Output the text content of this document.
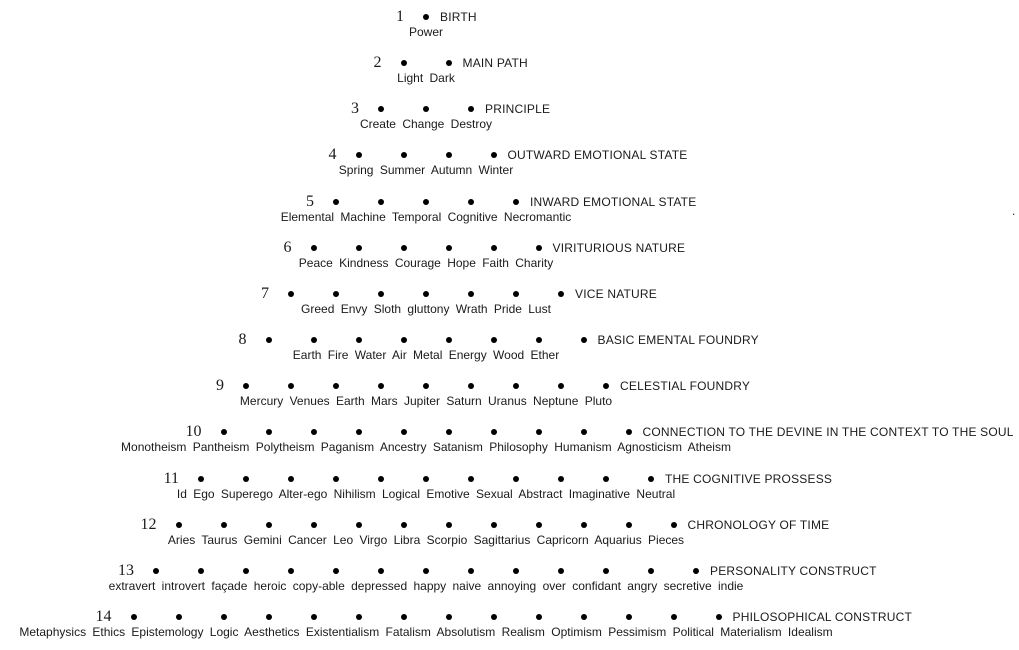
.
1	BIRTH
Power
2	MAIN PATH
Light Dark
3	PRINCIPLE
Create Change Destroy
4	OUTWARD EMOTIONAL STATE
Spring Summer Autumn Winter
5	INWARD EMOTIONAL STATE
Elemental Machine Temporal Cognitive Necromantic
6	VIRITURIOUS NATURE
Peace Kindness Courage Hope Faith Charity
7	VICE NATURE
Greed Envy Sloth gluttony Wrath Pride Lust
8	BASIC EMENTAL FOUNDRY
Earth Fire Water Air Metal Energy Wood Ether
9	CELESTIAL FOUNDRY
Mercury Venues Earth Mars Jupiter Saturn Uranus Neptune Pluto
10	CONNECTION TO THE DEVINE IN THE CONTEXT TO THE SOUL
Monotheism Pantheism Polytheism Paganism Ancestry Satanism Philosophy Humanism Agnosticism Atheism
11	THE COGNITIVE PROSSESS
Id Ego Superego Alter-ego Nihilism Logical Emotive Sexual Abstract Imaginative Neutral
12	CHRONOLOGY OF TIME
Aries Taurus Gemini Cancer Leo Virgo Libra Scorpio Sagittarius Capricorn Aquarius Pieces
13	PERSONALITY CONSTRUCT
extravert introvert façade heroic copy-able depressed happy naive annoying over confidant angry secretive indie
14	PHILOSOPHICAL CONSTRUCT
Metaphysics Ethics Epistemology Logic Aesthetics Existentialism Fatalism Absolutism Realism Optimism Pessimism Political Materialism Idealism
